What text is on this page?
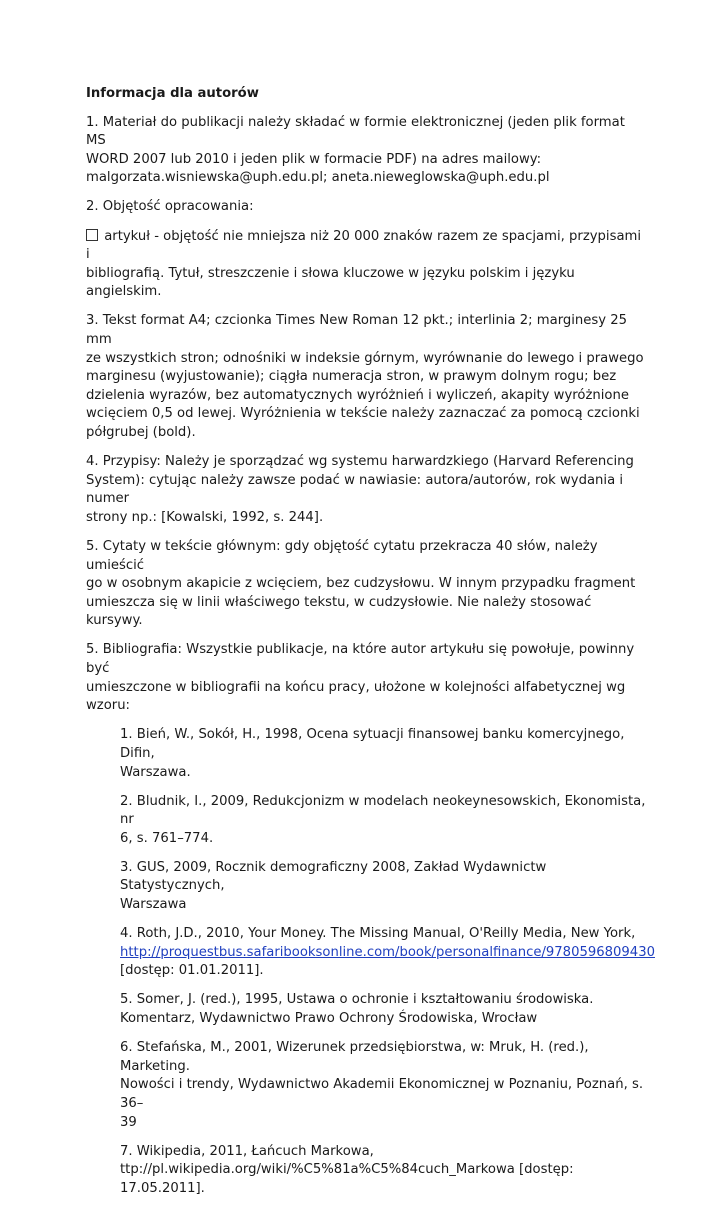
Informacja dla autorów

1. Materiał do publikacji należy składać w formie elektronicznej (jeden plik format MS
WORD 2007 lub 2010 i jeden plik w formacie PDF) na adres mailowy:
malgorzata.wisniewska@uph.edu.pl; aneta.nieweglowska@uph.edu.pl

2. Objętość opracowania:

artykuł - objętość nie mniejsza niż 20 000 znaków razem ze spacjami, przypisami i
bibliografią. Tytuł, streszczenie i słowa kluczowe w języku polskim i języku angielskim.

3. Tekst format A4; czcionka Times New Roman 12 pkt.; interlinia 2; marginesy 25 mm
ze wszystkich stron; odnośniki w indeksie górnym, wyrównanie do lewego i prawego
marginesu (wyjustowanie); ciągła numeracja stron, w prawym dolnym rogu; bez
dzielenia wyrazów, bez automatycznych wyróżnień i wyliczeń, akapity wyróżnione
wcięciem 0,5 od lewej. Wyróżnienia w tekście należy zaznaczać za pomocą czcionki
półgrubej (bold).

4. Przypisy: Należy je sporządzać wg systemu harwardzkiego (Harvard Referencing
System): cytując należy zawsze podać w nawiasie: autora/autorów, rok wydania i numer
strony np.: [Kowalski, 1992, s. 244].

5. Cytaty w tekście głównym: gdy objętość cytatu przekracza 40 słów, należy umieścić
go w osobnym akapicie z wcięciem, bez cudzysłowu. W innym przypadku fragment
umieszcza się w linii właściwego tekstu, w cudzysłowie. Nie należy stosować kursywy.

5. Bibliografia: Wszystkie publikacje, na które autor artykułu się powołuje, powinny być
umieszczone w bibliografii na końcu pracy, ułożone w kolejności alfabetycznej wg wzoru:

1. Bień, W., Sokół, H., 1998, Ocena sytuacji finansowej banku komercyjnego, Difin,
Warszawa.

2. Bludnik, I., 2009, Redukcjonizm w modelach neokeynesowskich, Ekonomista, nr
6, s. 761–774.

3. GUS, 2009, Rocznik demograficzny 2008, Zakład Wydawnictw Statystycznych,
Warszawa

4. Roth, J.D., 2010, Your Money. The Missing Manual, O'Reilly Media, New York,
http://proquestbus.safaribooksonline.com/book/personalfinance/9780596809430
[dostęp: 01.01.2011].

5. Somer, J. (red.), 1995, Ustawa o ochronie i kształtowaniu środowiska.
Komentarz, Wydawnictwo Prawo Ochrony Środowiska, Wrocław

6. Stefańska, M., 2001, Wizerunek przedsiębiorstwa, w: Mruk, H. (red.), Marketing.
Nowości i trendy, Wydawnictwo Akademii Ekonomicznej w Poznaniu, Poznań, s. 36–
39

7. Wikipedia, 2011, Łańcuch Markowa,
ttp://pl.wikipedia.org/wiki/%C5%81a%C5%84cuch_Markowa [dostęp:
17.05.2011].
